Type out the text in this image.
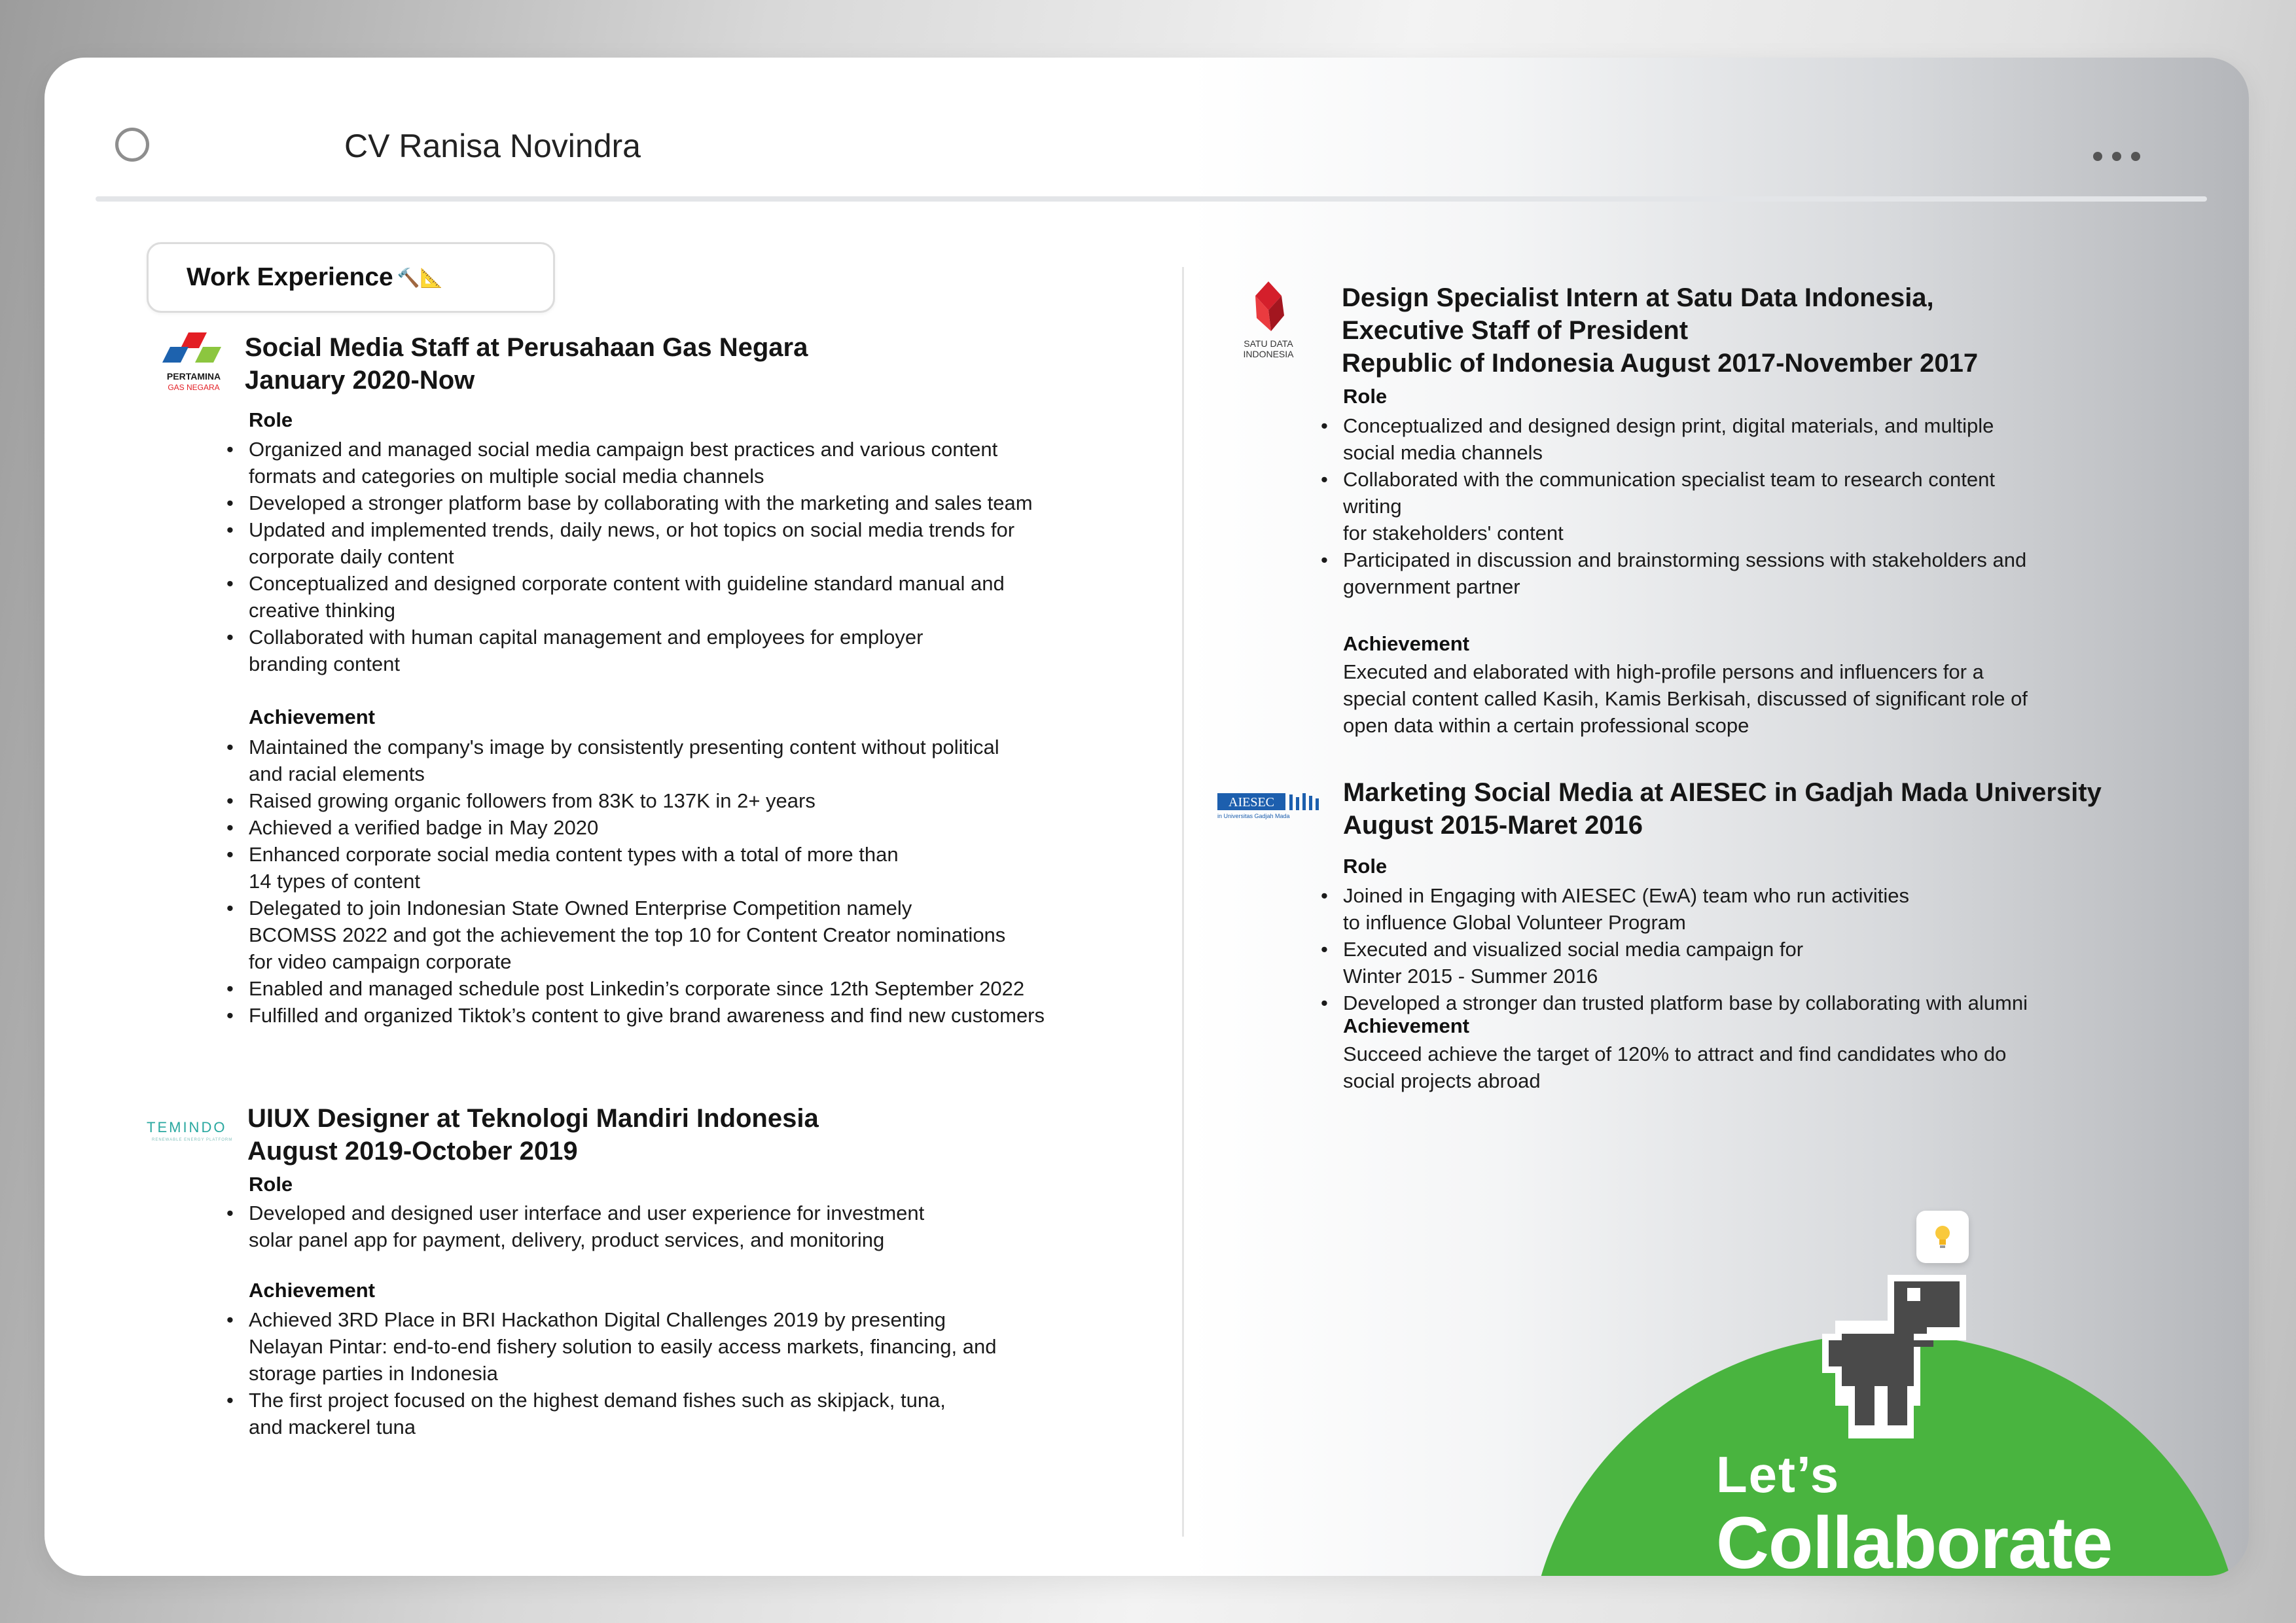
CV Ranisa Novindra
Work Experience 🔨📐
PERTAMINA
GAS NEGARA
Social Media Staff at Perusahaan Gas Negara
January 2020-Now
Role
• Organized and managed social media campaign best practices and various content
formats and categories on multiple social media channels
• Developed a stronger platform base by collaborating with the marketing and sales team
• Updated and implemented trends, daily news, or hot topics on social media trends for
corporate daily content
• Conceptualized and designed corporate content with guideline standard manual and
creative thinking
• Collaborated with human capital management and employees for employer
branding content
Achievement
• Maintained the company's image by consistently presenting content without political
and racial elements
• Raised growing organic followers from 83K to 137K in 2+ years
• Achieved a verified badge in May 2020
• Enhanced corporate social media content types with a total of more than
14 types of content
• Delegated to join Indonesian State Owned Enterprise Competition namely
BCOMSS 2022 and got the achievement the top 10 for Content Creator nominations
for video campaign corporate
• Enabled and managed schedule post Linkedin’s corporate since 12th September 2022
• Fulfilled and organized Tiktok’s content to give brand awareness and find new customers
TEMINDO
RENEWABLE ENERGY PLATFORM
UIUX Designer at Teknologi Mandiri Indonesia
August 2019-October 2019
Role
• Developed and designed user interface and user experience for investment
solar panel app for payment, delivery, product services, and monitoring
Achievement
• Achieved 3RD Place in BRI Hackathon Digital Challenges 2019 by presenting
Nelayan Pintar: end-to-end fishery solution to easily access markets, financing, and
storage parties in Indonesia
• The first project focused on the highest demand fishes such as skipjack, tuna,
and mackerel tuna
SATU DATA
INDONESIA
Design Specialist Intern at Satu Data Indonesia,
Executive Staff of President
Republic of Indonesia August 2017-November 2017
Role
• Conceptualized and designed design print, digital materials, and multiple
social media channels
• Collaborated with the communication specialist team to research content
writing
for stakeholders' content
• Participated in discussion and brainstorming sessions with stakeholders and
government partner
Achievement
Executed and elaborated with high-profile persons and influencers for a
special content called Kasih, Kamis Berkisah, discussed of significant role of
open data within a certain professional scope
AIESEC
in Universitas Gadjah Mada
Marketing Social Media at AIESEC in Gadjah Mada University
August 2015-Maret 2016
Role
• Joined in Engaging with AIESEC (EwA) team who run activities
to influence Global Volunteer Program
• Executed and visualized social media campaign for
Winter 2015 - Summer 2016
• Developed a stronger dan trusted platform base by collaborating with alumni
Achievement
Succeed achieve the target of 120% to attract and find candidates who do
social projects abroad
Let’s
Collaborate
